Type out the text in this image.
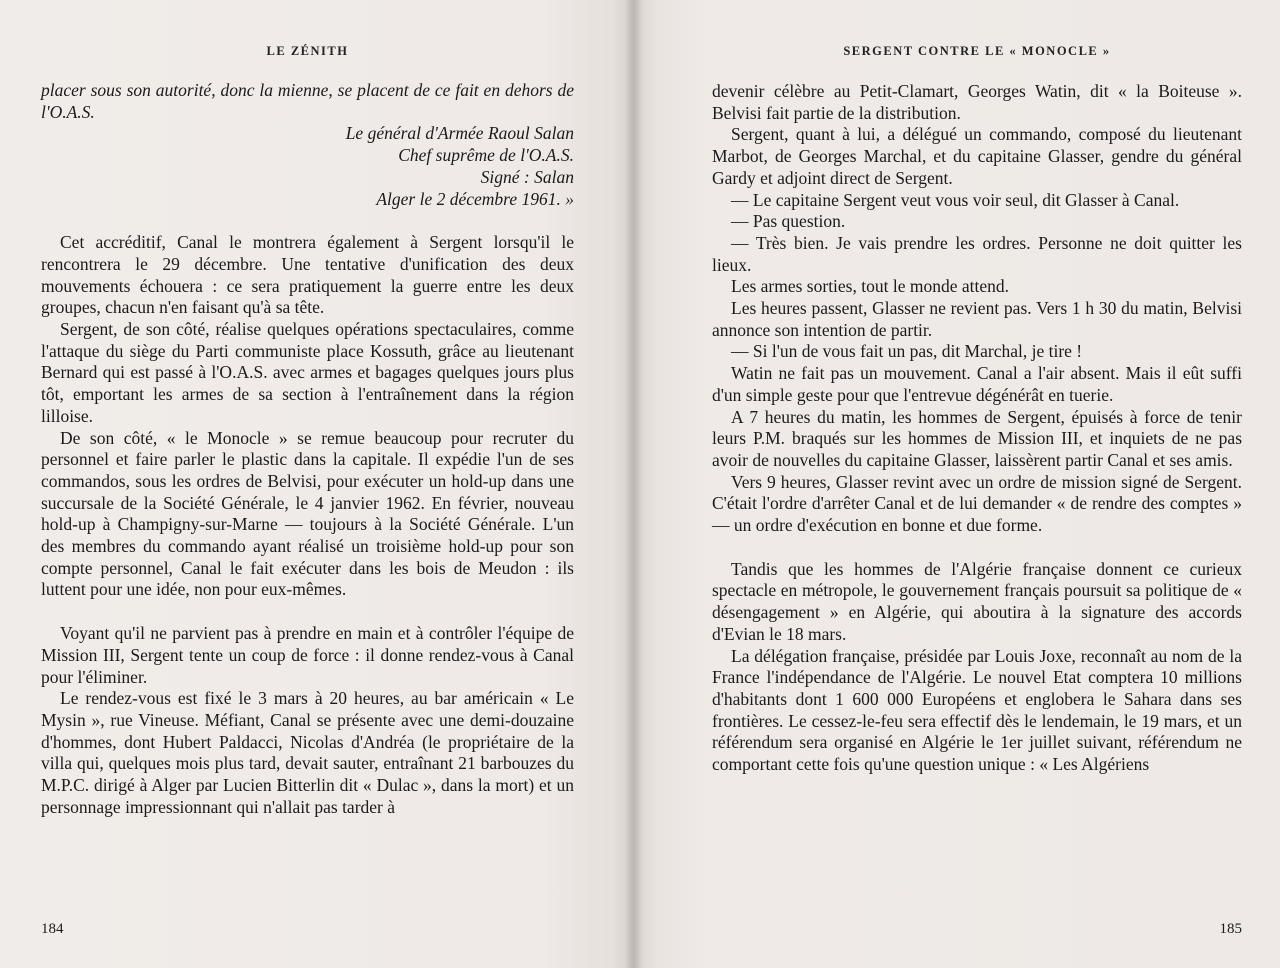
LE ZÉNITH

placer sous son autorité, donc la mienne, se placent de ce fait en dehors de l'O.A.S.

Le général d'Armée Raoul Salan

Chef suprême de l'O.A.S.

Signé : Salan

Alger le 2 décembre 1961. »

Cet accréditif, Canal le montrera également à Sergent lorsqu'il le rencontrera le 29 décembre. Une tentative d'unification des deux mouvements échouera : ce sera pratiquement la guerre entre les deux groupes, chacun n'en faisant qu'à sa tête.

Sergent, de son côté, réalise quelques opérations spectaculaires, comme l'attaque du siège du Parti communiste place Kossuth, grâce au lieutenant Bernard qui est passé à l'O.A.S. avec armes et bagages quelques jours plus tôt, emportant les armes de sa section à l'entraînement dans la région lilloise.

De son côté, « le Monocle » se remue beaucoup pour recruter du personnel et faire parler le plastic dans la capitale. Il expédie l'un de ses commandos, sous les ordres de Belvisi, pour exécuter un hold-up dans une succursale de la Société Générale, le 4 janvier 1962. En février, nouveau hold-up à Champigny-sur-Marne — toujours à la Société Générale. L'un des membres du commando ayant réalisé un troisième hold-up pour son compte personnel, Canal le fait exécuter dans les bois de Meudon : ils luttent pour une idée, non pour eux-mêmes.

Voyant qu'il ne parvient pas à prendre en main et à contrôler l'équipe de Mission III, Sergent tente un coup de force : il donne rendez-vous à Canal pour l'éliminer.

Le rendez-vous est fixé le 3 mars à 20 heures, au bar américain « Le Mysin », rue Vineuse. Méfiant, Canal se présente avec une demi-douzaine d'hommes, dont Hubert Paldacci, Nicolas d'Andréa (le propriétaire de la villa qui, quelques mois plus tard, devait sauter, entraînant 21 barbouzes du M.P.C. dirigé à Alger par Lucien Bitterlin dit « Dulac », dans la mort) et un personnage impressionnant qui n'allait pas tarder à

184
SERGENT CONTRE LE « MONOCLE »

devenir célèbre au Petit-Clamart, Georges Watin, dit « la Boiteuse ». Belvisi fait partie de la distribution.

Sergent, quant à lui, a délégué un commando, composé du lieutenant Marbot, de Georges Marchal, et du capitaine Glasser, gendre du général Gardy et adjoint direct de Sergent.

— Le capitaine Sergent veut vous voir seul, dit Glasser à Canal.

— Pas question.

— Très bien. Je vais prendre les ordres. Personne ne doit quitter les lieux.

Les armes sorties, tout le monde attend.

Les heures passent, Glasser ne revient pas. Vers 1 h 30 du matin, Belvisi annonce son intention de partir.

— Si l'un de vous fait un pas, dit Marchal, je tire !

Watin ne fait pas un mouvement. Canal a l'air absent. Mais il eût suffi d'un simple geste pour que l'entrevue dégénérât en tuerie.

A 7 heures du matin, les hommes de Sergent, épuisés à force de tenir leurs P.M. braqués sur les hommes de Mission III, et inquiets de ne pas avoir de nouvelles du capitaine Glasser, laissèrent partir Canal et ses amis.

Vers 9 heures, Glasser revint avec un ordre de mission signé de Sergent. C'était l'ordre d'arrêter Canal et de lui demander « de rendre des comptes » — un ordre d'exécution en bonne et due forme.

Tandis que les hommes de l'Algérie française donnent ce curieux spectacle en métropole, le gouvernement français poursuit sa politique de « désengagement » en Algérie, qui aboutira à la signature des accords d'Evian le 18 mars.

La délégation française, présidée par Louis Joxe, reconnaît au nom de la France l'indépendance de l'Algérie. Le nouvel Etat comptera 10 millions d'habitants dont 1 600 000 Européens et englobera le Sahara dans ses frontières. Le cessez-le-feu sera effectif dès le lendemain, le 19 mars, et un référendum sera organisé en Algérie le 1er juillet suivant, référendum ne comportant cette fois qu'une question unique : « Les Algériens

185
